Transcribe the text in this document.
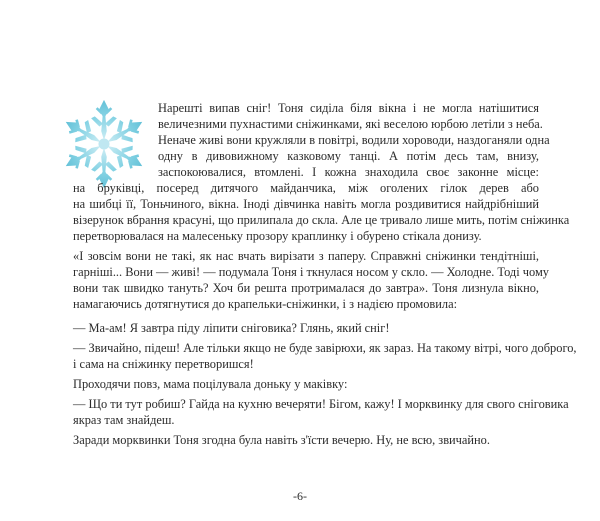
Нарешті випав сніг! Тоня сиділа біля вікна і не могла натішитися
величезними пухнастими сніжинками, які веселою юрбою летіли з неба.
Неначе живі вони кружляли в повітрі, водили хороводи, наздоганяли одна
одну в дивовижному казковому танці. А потім десь там, внизу,
заспокоювалися, втомлені. І кожна знаходила своє законне місце:
на бруківці, посеред дитячого майданчика, між оголених гілок дерев або
на шибці її, Тоньчиного, вікна. Іноді дівчинка навіть могла роздивитися найдрібніший
візерунок вбрання красуні, що прилипала до скла. Але це тривало лише мить, потім сніжинка
перетворювалася на малесеньку прозору краплинку і обурено стікала донизу.
«І зовсім вони не такі, як нас вчать вирізати з паперу. Справжні сніжинки тендітніші,
гарніші... Вони — живі! — подумала Тоня і ткнулася носом у скло. — Холодне. Тоді чому
вони так швидко тануть? Хоч би решта протрималася до завтра». Тоня лизнула вікно,
намагаючись дотягнутися до крапельки-сніжинки, і з надією промовила:
— Ма-ам! Я завтра піду ліпити сніговика? Глянь, який сніг!
— Звичайно, підеш! Але тільки якщо не буде завірюхи, як зараз. На такому вітрі, чого доброго,
і сама на сніжинку перетворишся!
Проходячи повз, мама поцілувала доньку у маківку:
— Що ти тут робиш? Гайда на кухню вечеряти! Бігом, кажу! І морквинку для свого сніговика
якраз там знайдеш.
Заради морквинки Тоня згодна була навіть з'їсти вечерю. Ну, не всю, звичайно.
-6-
